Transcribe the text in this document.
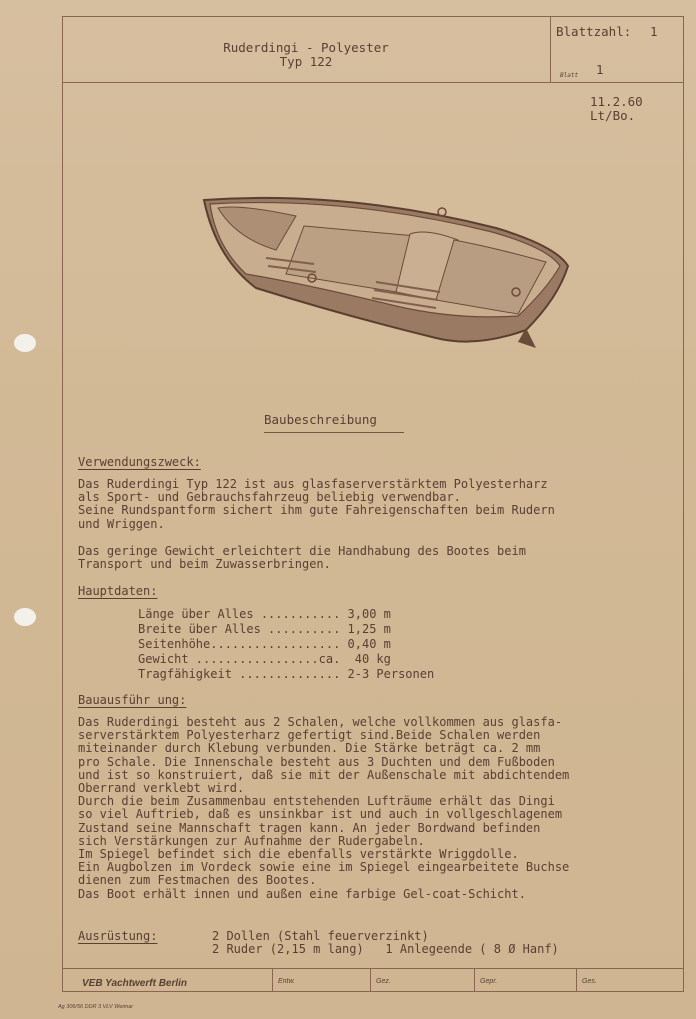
Ruderdingi - Polyester
Typ 122
Blattzahl: 1
Blatt 1
11.2.60
Lt/Bo.
Baubeschreibung
Verwendungszweck:
Das Ruderdingi Typ 122 ist aus glasfaserverstärktem Polyesterharz
als Sport- und Gebrauchsfahrzeug beliebig verwendbar.
Seine Rundspantform sichert ihm gute Fahreigenschaften beim Rudern
und Wriggen.
Das geringe Gewicht erleichtert die Handhabung des Bootes beim
Transport und beim Zuwasserbringen.
Hauptdaten:
Länge über Alles ........... 3,00 m
Breite über Alles .......... 1,25 m
Seitenhöhe.................. 0,40 m
Gewicht .................ca.  40 kg
Tragfähigkeit .............. 2-3 Personen
Bauausführ ung:
Das Ruderdingi besteht aus 2 Schalen, welche vollkommen aus glasfa-
serverstärktem Polyesterharz gefertigt sind.Beide Schalen werden
miteinander durch Klebung verbunden. Die Stärke beträgt ca. 2 mm
pro Schale. Die Innenschale besteht aus 3 Duchten und dem Fußboden
und ist so konstruiert, daß sie mit der Außenschale mit abdichtendem
Oberrand verklebt wird.
Durch die beim Zusammenbau entstehenden Lufträume erhält das Dingi
so viel Auftrieb, daß es unsinkbar ist und auch in vollgeschlagenem
Zustand seine Mannschaft tragen kann. An jeder Bordwand befinden
sich Verstärkungen zur Aufnahme der Rudergabeln.
Im Spiegel befindet sich die ebenfalls verstärkte Wriggdolle.
Ein Augbolzen im Vordeck sowie eine im Spiegel eingearbeitete Buchse
dienen zum Festmachen des Bootes.
Das Boot erhält innen und außen eine farbige Gel-coat-Schicht.
Ausrüstung:	2 Dollen (Stahl feuerverzinkt)
2 Ruder (2,15 m lang)   1 Anlegeende ( 8 Ø Hanf)
VEB Yachtwerft Berlin	Entw.	Gez.	Gepr.	Ges.
Ag 306/56 DDR 3 VLV Weimar
